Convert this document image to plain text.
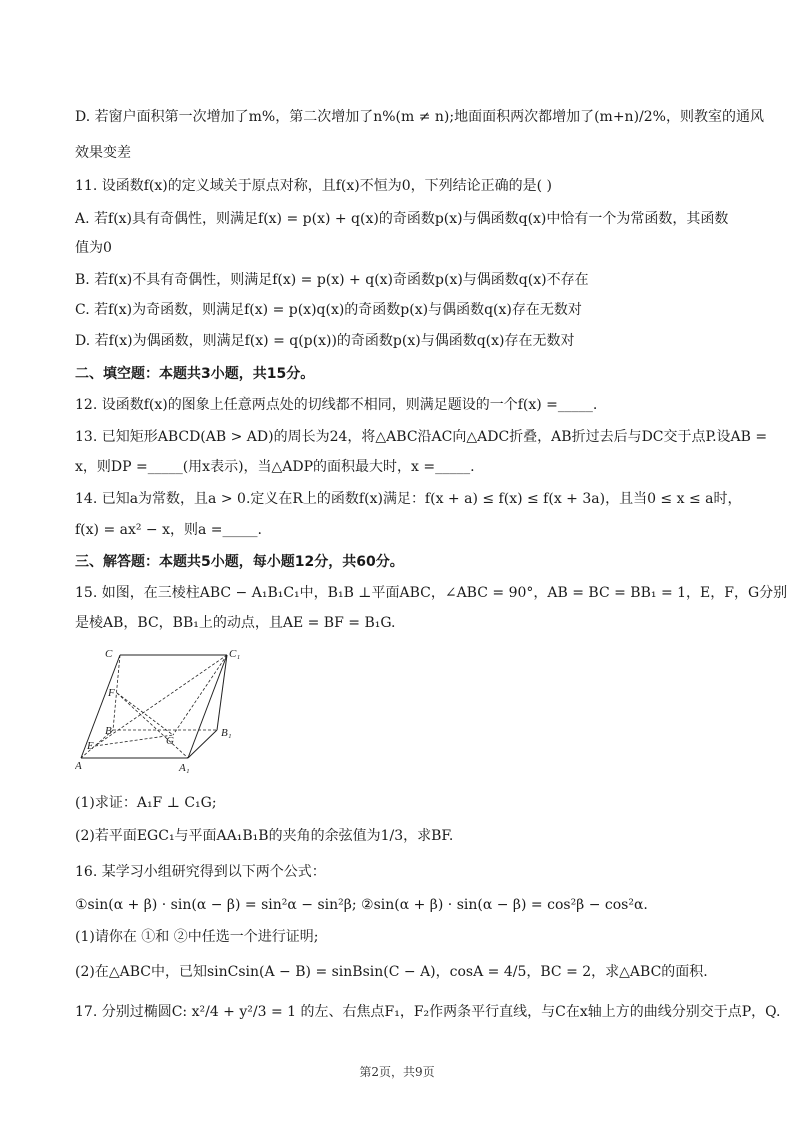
D. 若窗户面积第一次增加了m%，第二次增加了n%(m ≠ n);地面面积两次都增加了(m+n)/2%，则教室的通风
效果变差
11. 设函数f(x)的定义域关于原点对称，且f(x)不恒为0，下列结论正确的是( )
A. 若f(x)具有奇偶性，则满足f(x) = p(x) + q(x)的奇函数p(x)与偶函数q(x)中恰有一个为常函数，其函数
值为0
B. 若f(x)不具有奇偶性，则满足f(x) = p(x) + q(x)奇函数p(x)与偶函数q(x)不存在
C. 若f(x)为奇函数，则满足f(x) = p(x)q(x)的奇函数p(x)与偶函数q(x)存在无数对
D. 若f(x)为偶函数，则满足f(x) = q(p(x))的奇函数p(x)与偶函数q(x)存在无数对
二、填空题：本题共3小题，共15分。
12. 设函数f(x)的图象上任意两点处的切线都不相同，则满足题设的一个f(x) =_____.
13. 已知矩形ABCD(AB > AD)的周长为24，将△ABC沿AC向△ADC折叠，AB折过去后与DC交于点P.设AB =
x，则DP =_____(用x表示)，当△ADP的面积最大时，x =_____.
14. 已知a为常数，且a > 0.定义在R上的函数f(x)满足：f(x + a) ≤ f(x) ≤ f(x + 3a)，且当0 ≤ x ≤ a时，
f(x) = ax² − x，则a =_____.
三、解答题：本题共5小题，每小题12分，共60分。
15. 如图，在三棱柱ABC − A₁B₁C₁中，B₁B ⊥平面ABC，∠ABC = 90°，AB = BC = BB₁ = 1，E，F，G分别
是棱AB，BC，BB₁上的动点，且AE = BF = B₁G.
C	C₁
F
B
G
B₁
E
A	A₁
(1)求证：A₁F ⊥ C₁G;
(2)若平面EGC₁与平面AA₁B₁B的夹角的余弦值为1/3，求BF.
16. 某学习小组研究得到以下两个公式：
①sin(α + β) · sin(α − β) = sin²α − sin²β; ②sin(α + β) · sin(α − β) = cos²β − cos²α.
(1)请你在 ①和 ②中任选一个进行证明;
(2)在△ABC中，已知sinCsin(A − B) = sinBsin(C − A)，cosA = 4/5，BC = 2，求△ABC的面积.
17. 分别过椭圆C: x²/4 + y²/3 = 1 的左、右焦点F₁，F₂作两条平行直线，与C在x轴上方的曲线分别交于点P，Q.
第2页，共9页
